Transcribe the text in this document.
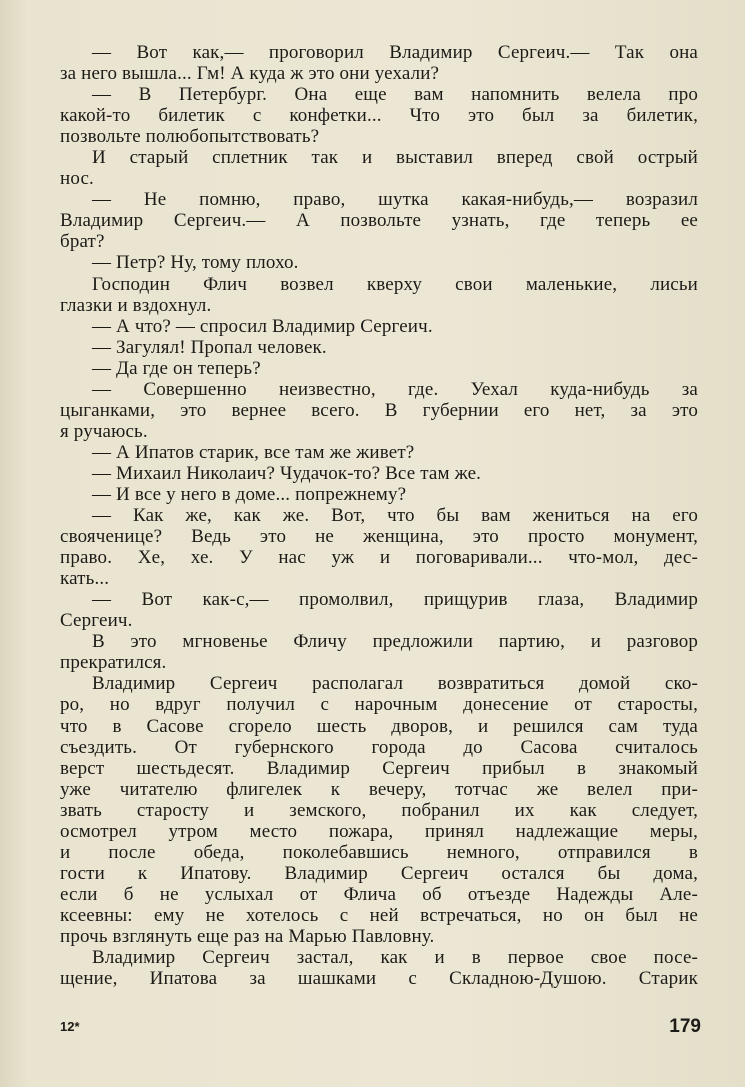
— Вот как,— проговорил Владимир Сергеич.— Так она
за него вышла... Гм! А куда ж это они уехали?
— В Петербург. Она еще вам напомнить велела про
какой-то билетик с конфетки... Что это был за билетик,
позвольте полюбопытствовать?
И старый сплетник так и выставил вперед свой острый
нос.
— Не помню, право, шутка какая-нибудь,— возразил
Владимир Сергеич.— А позвольте узнать, где теперь ее
брат?
— Петр? Ну, тому плохо.
Господин Флич возвел кверху свои маленькие, лисьи
глазки и вздохнул.
— А что? — спросил Владимир Сергеич.
— Загулял! Пропал человек.
— Да где он теперь?
— Совершенно неизвестно, где. Уехал куда-нибудь за
цыганками, это вернее всего. В губернии его нет, за это
я ручаюсь.
— А Ипатов старик, все там же живет?
— Михаил Николаич? Чудачок-то? Все там же.
— И все у него в доме... попрежнему?
— Как же, как же. Вот, что бы вам жениться на его
свояченице? Ведь это не женщина, это просто монумент,
право. Хе, хе. У нас уж и поговаривали... что-мол, дес-
кать...
— Вот как-с,— промолвил, прищурив глаза, Владимир
Сергеич.
В это мгновенье Фличу предложили партию, и разговор
прекратился.
Владимир Сергеич располагал возвратиться домой ско-
ро, но вдруг получил с нарочным донесение от старосты,
что в Сасове сгорело шесть дворов, и решился сам туда
съездить. От губернского города до Сасова считалось
верст шестьдесят. Владимир Сергеич прибыл в знакомый
уже читателю флигелек к вечеру, тотчас же велел при-
звать старосту и земского, побранил их как следует,
осмотрел утром место пожара, принял надлежащие меры,
и после обеда, поколебавшись немного, отправился в
гости к Ипатову. Владимир Сергеич остался бы дома,
если б не услыхал от Флича об отъезде Надежды Але-
ксеевны: ему не хотелось с ней встречаться, но он был не
прочь взглянуть еще раз на Марью Павловну.
Владимир Сергеич застал, как и в первое свое посе-
щение, Ипатова за шашками с Складною-Душою. Старик
12*	179
